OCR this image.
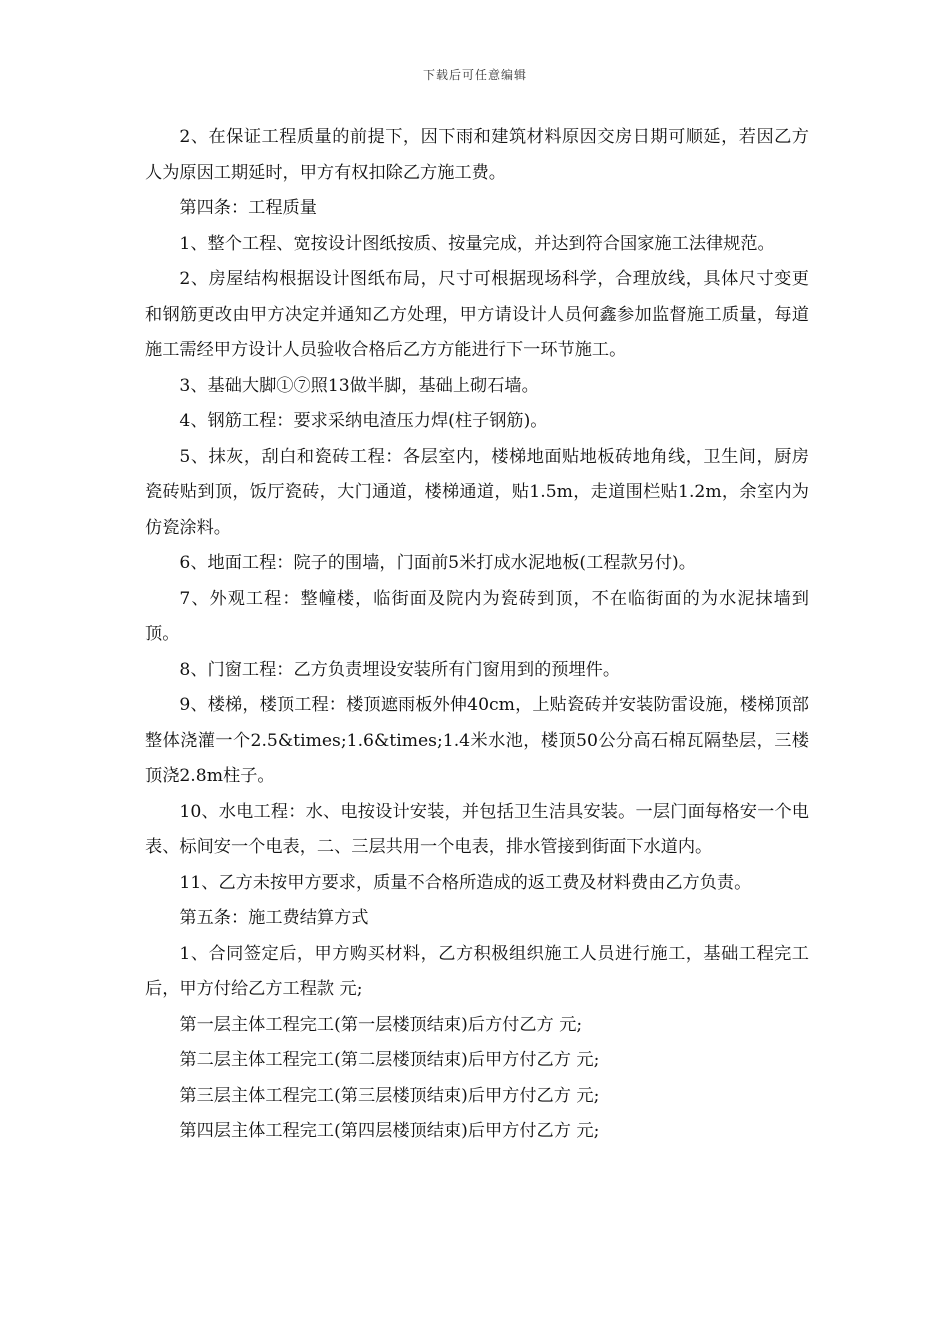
下载后可任意编辑

2、在保证工程质量的前提下，因下雨和建筑材料原因交房日期可顺延，若因乙方人为原因工期延时，甲方有权扣除乙方施工费。

第四条：工程质量

1、整个工程、宽按设计图纸按质、按量完成，并达到符合国家施工法律规范。

2、房屋结构根据设计图纸布局，尺寸可根据现场科学，合理放线，具体尺寸变更和钢筋更改由甲方决定并通知乙方处理，甲方请设计人员何鑫参加监督施工质量，每道施工需经甲方设计人员验收合格后乙方方能进行下一环节施工。

3、基础大脚①⑦照13做半脚，基础上砌石墙。

4、钢筋工程：要求采纳电渣压力焊(柱子钢筋)。

5、抹灰，刮白和瓷砖工程：各层室内，楼梯地面贴地板砖地角线，卫生间，厨房瓷砖贴到顶，饭厅瓷砖，大门通道，楼梯通道，贴1.5m，走道围栏贴1.2m，余室内为仿瓷涂料。

6、地面工程：院子的围墙，门面前5米打成水泥地板(工程款另付)。

7、外观工程：整幢楼，临街面及院内为瓷砖到顶，不在临街面的为水泥抹墙到顶。

8、门窗工程：乙方负责埋设安装所有门窗用到的预埋件。

9、楼梯，楼顶工程：楼顶遮雨板外伸40cm，上贴瓷砖并安装防雷设施，楼梯顶部整体浇灌一个2.5&times;1.6&times;1.4米水池，楼顶50公分高石棉瓦隔垫层，三楼顶浇2.8m柱子。

10、水电工程：水、电按设计安装，并包括卫生洁具安装。一层门面每格安一个电表、标间安一个电表，二、三层共用一个电表，排水管接到街面下水道内。

11、乙方未按甲方要求，质量不合格所造成的返工费及材料费由乙方负责。

第五条：施工费结算方式

1、合同签定后，甲方购买材料，乙方积极组织施工人员进行施工，基础工程完工后，甲方付给乙方工程款 元;

第一层主体工程完工(第一层楼顶结束)后方付乙方 元;

第二层主体工程完工(第二层楼顶结束)后甲方付乙方 元;

第三层主体工程完工(第三层楼顶结束)后甲方付乙方 元;

第四层主体工程完工(第四层楼顶结束)后甲方付乙方 元;
